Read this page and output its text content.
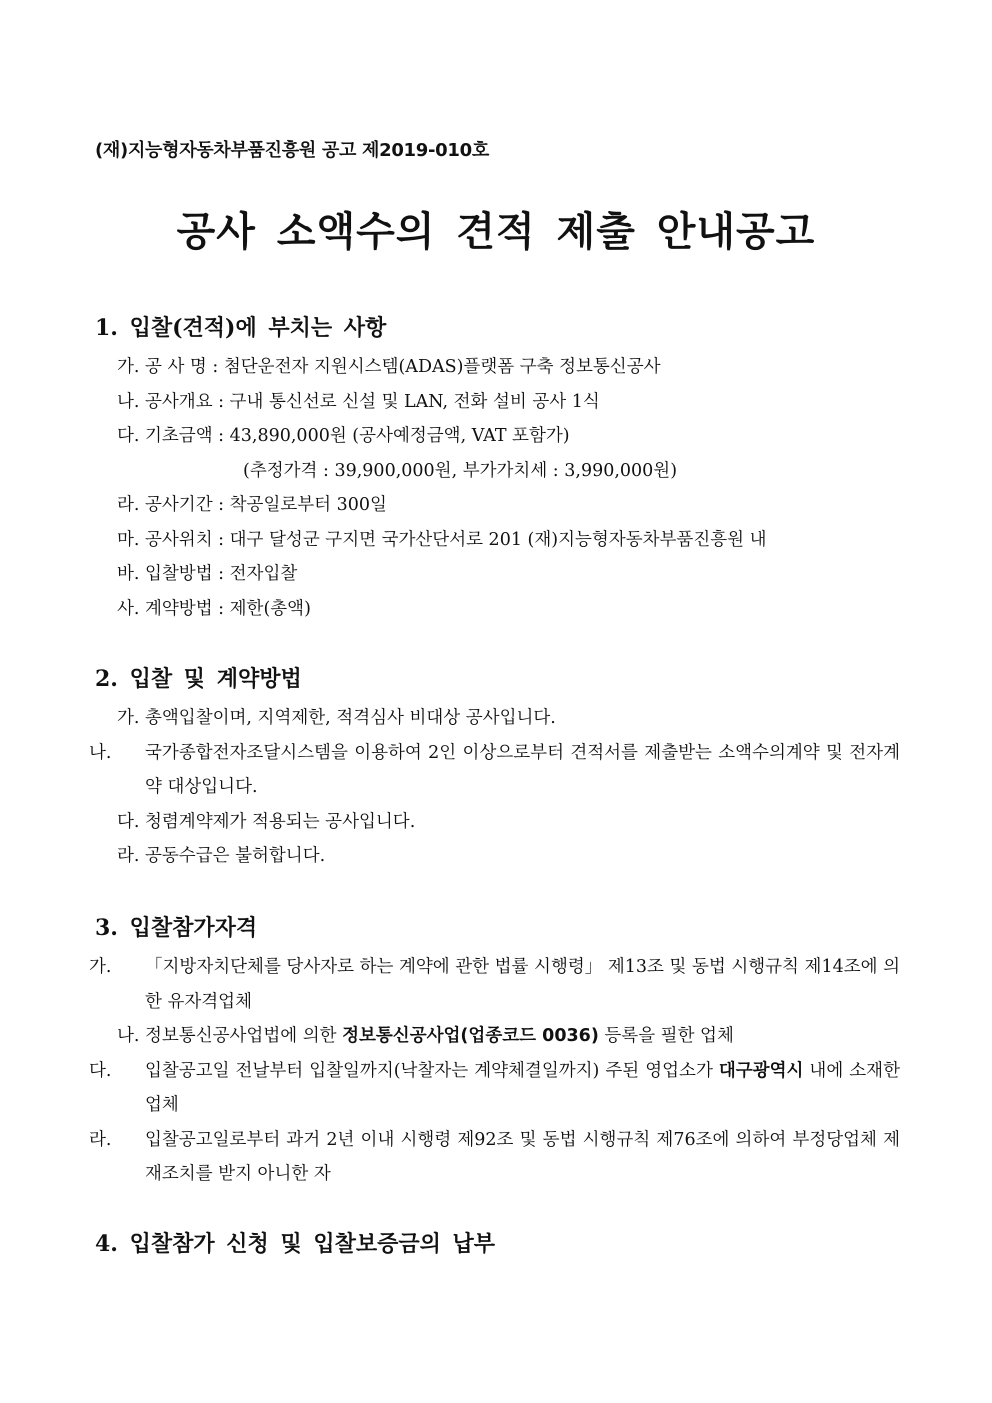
(재)지능형자동차부품진흥원 공고 제2019-010호
공사 소액수의 견적 제출 안내공고
1. 입찰(견적)에 부치는 사항
가. 공 사 명 : 첨단운전자 지원시스템(ADAS)플랫폼 구축 정보통신공사
나. 공사개요 : 구내 통신선로 신설 및 LAN, 전화 설비 공사 1식
다. 기초금액 : 43,890,000원 (공사예정금액, VAT 포함가)
(추정가격 : 39,900,000원, 부가가치세 : 3,990,000원)
라. 공사기간 : 착공일로부터 300일
마. 공사위치 : 대구 달성군 구지면 국가산단서로 201 (재)지능형자동차부품진흥원 내
바. 입찰방법 : 전자입찰
사. 계약방법 : 제한(총액)
2. 입찰 및 계약방법
가. 총액입찰이며, 지역제한, 적격심사 비대상 공사입니다.
나. 국가종합전자조달시스템을 이용하여 2인 이상으로부터 견적서를 제출받는 소액수의계약 및 전자계약 대상입니다.
다. 청렴계약제가 적용되는 공사입니다.
라. 공동수급은 불허합니다.
3. 입찰참가자격
가. 「지방자치단체를 당사자로 하는 계약에 관한 법률 시행령」 제13조 및 동법 시행규칙 제14조에 의한 유자격업체
나. 정보통신공사업법에 의한 정보통신공사업(업종코드 0036) 등록을 필한 업체
다. 입찰공고일 전날부터 입찰일까지(낙찰자는 계약체결일까지) 주된 영업소가 대구광역시 내에 소재한 업체
라. 입찰공고일로부터 과거 2년 이내 시행령 제92조 및 동법 시행규칙 제76조에 의하여 부정당업체 제재조치를 받지 아니한 자
4. 입찰참가 신청 및 입찰보증금의 납부
